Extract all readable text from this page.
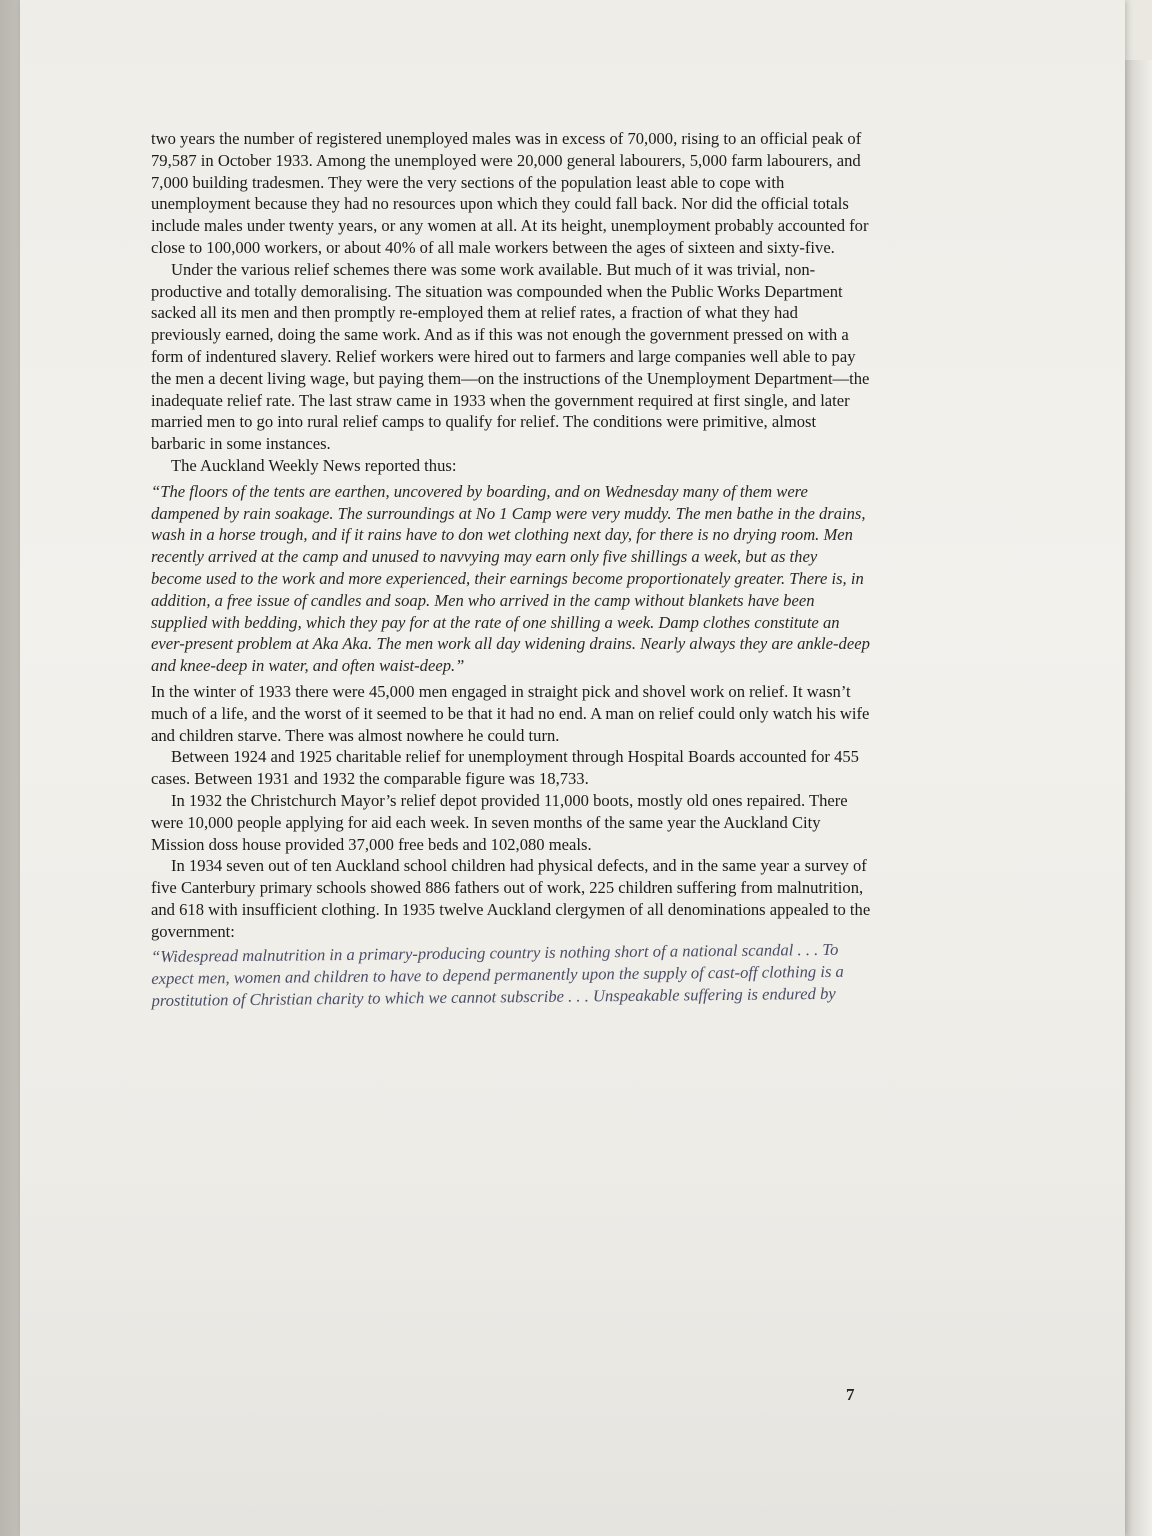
two years the number of registered unemployed males was in excess of 70,000, rising to an official peak of 79,587 in October 1933. Among the unemployed were 20,000 general labourers, 5,000 farm labourers, and 7,000 building tradesmen. They were the very sections of the population least able to cope with unemployment because they had no resources upon which they could fall back. Nor did the official totals include males under twenty years, or any women at all. At its height, unemployment probably accounted for close to 100,000 workers, or about 40% of all male workers between the ages of sixteen and sixty-five.

Under the various relief schemes there was some work available. But much of it was trivial, non-productive and totally demoralising. The situation was compounded when the Public Works Department sacked all its men and then promptly re-employed them at relief rates, a fraction of what they had previously earned, doing the same work. And as if this was not enough the government pressed on with a form of indentured slavery. Relief workers were hired out to farmers and large companies well able to pay the men a decent living wage, but paying them—on the instructions of the Unemployment Department—the inadequate relief rate. The last straw came in 1933 when the government required at first single, and later married men to go into rural relief camps to qualify for relief. The conditions were primitive, almost barbaric in some instances.

The Auckland Weekly News reported thus:

“The floors of the tents are earthen, uncovered by boarding, and on Wednesday many of them were dampened by rain soakage. The surroundings at No 1 Camp were very muddy. The men bathe in the drains, wash in a horse trough, and if it rains have to don wet clothing next day, for there is no drying room. Men recently arrived at the camp and unused to navvying may earn only five shillings a week, but as they become used to the work and more experienced, their earnings become proportionately greater. There is, in addition, a free issue of candles and soap. Men who arrived in the camp without blankets have been supplied with bedding, which they pay for at the rate of one shilling a week. Damp clothes constitute an ever-present problem at Aka Aka. The men work all day widening drains. Nearly always they are ankle-deep and knee-deep in water, and often waist-deep.”

In the winter of 1933 there were 45,000 men engaged in straight pick and shovel work on relief. It wasn’t much of a life, and the worst of it seemed to be that it had no end. A man on relief could only watch his wife and children starve. There was almost nowhere he could turn.

Between 1924 and 1925 charitable relief for unemployment through Hospital Boards accounted for 455 cases. Between 1931 and 1932 the comparable figure was 18,733.

In 1932 the Christchurch Mayor’s relief depot provided 11,000 boots, mostly old ones repaired. There were 10,000 people applying for aid each week. In seven months of the same year the Auckland City Mission doss house provided 37,000 free beds and 102,080 meals.

In 1934 seven out of ten Auckland school children had physical defects, and in the same year a survey of five Canterbury primary schools showed 886 fathers out of work, 225 children suffering from malnutrition, and 618 with insufficient clothing. In 1935 twelve Auckland clergymen of all denominations appealed to the government:

“Widespread malnutrition in a primary-producing country is nothing short of a national scandal . . . To expect men, women and children to have to depend permanently upon the supply of cast-off clothing is a prostitution of Christian charity to which we cannot subscribe . . . Unspeakable suffering is endured by

7
